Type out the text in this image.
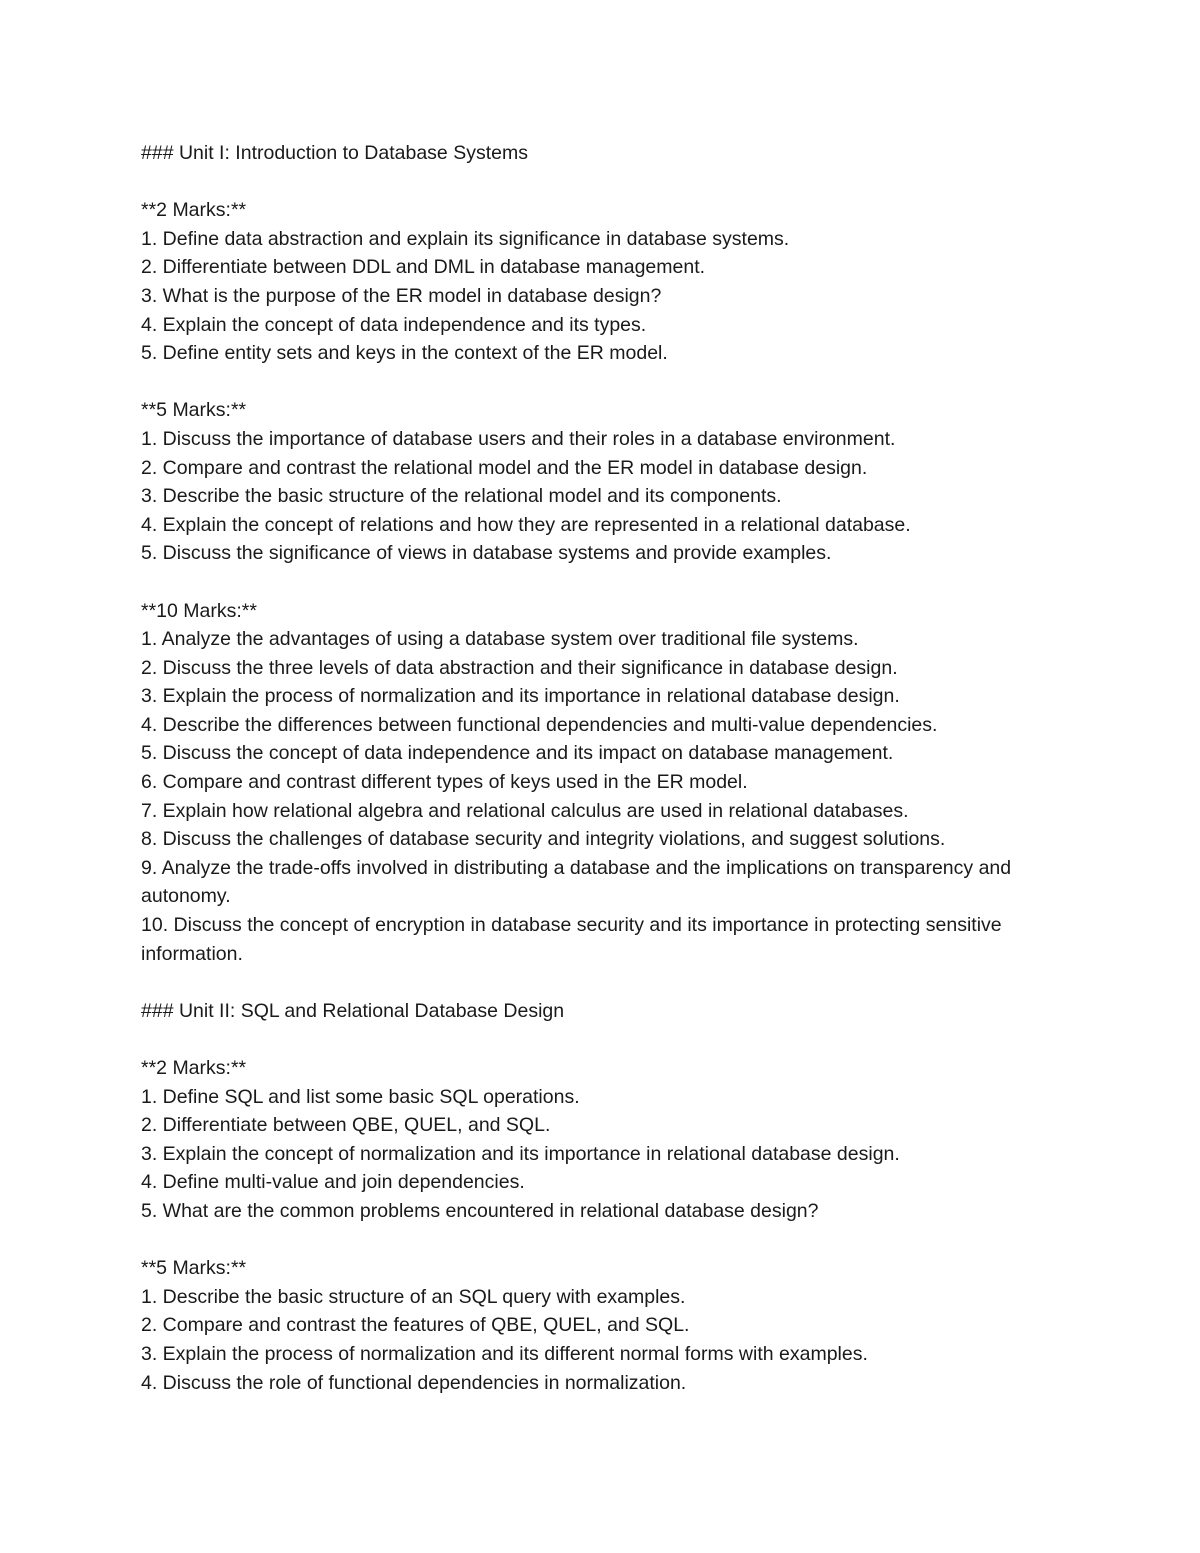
### Unit I: Introduction to Database Systems

**2 Marks:**

1. Define data abstraction and explain its significance in database systems.

2. Differentiate between DDL and DML in database management.

3. What is the purpose of the ER model in database design?

4. Explain the concept of data independence and its types.

5. Define entity sets and keys in the context of the ER model.

**5 Marks:**

1. Discuss the importance of database users and their roles in a database environment.

2. Compare and contrast the relational model and the ER model in database design.

3. Describe the basic structure of the relational model and its components.

4. Explain the concept of relations and how they are represented in a relational database.

5. Discuss the significance of views in database systems and provide examples.

**10 Marks:**

1. Analyze the advantages of using a database system over traditional file systems.

2. Discuss the three levels of data abstraction and their significance in database design.

3. Explain the process of normalization and its importance in relational database design.

4. Describe the differences between functional dependencies and multi-value dependencies.

5. Discuss the concept of data independence and its impact on database management.

6. Compare and contrast different types of keys used in the ER model.

7. Explain how relational algebra and relational calculus are used in relational databases.

8. Discuss the challenges of database security and integrity violations, and suggest solutions.

9. Analyze the trade-offs involved in distributing a database and the implications on transparency and autonomy.

10. Discuss the concept of encryption in database security and its importance in protecting sensitive information.

### Unit II: SQL and Relational Database Design

**2 Marks:**

1. Define SQL and list some basic SQL operations.

2. Differentiate between QBE, QUEL, and SQL.

3. Explain the concept of normalization and its importance in relational database design.

4. Define multi-value and join dependencies.

5. What are the common problems encountered in relational database design?

**5 Marks:**

1. Describe the basic structure of an SQL query with examples.

2. Compare and contrast the features of QBE, QUEL, and SQL.

3. Explain the process of normalization and its different normal forms with examples.

4. Discuss the role of functional dependencies in normalization.
